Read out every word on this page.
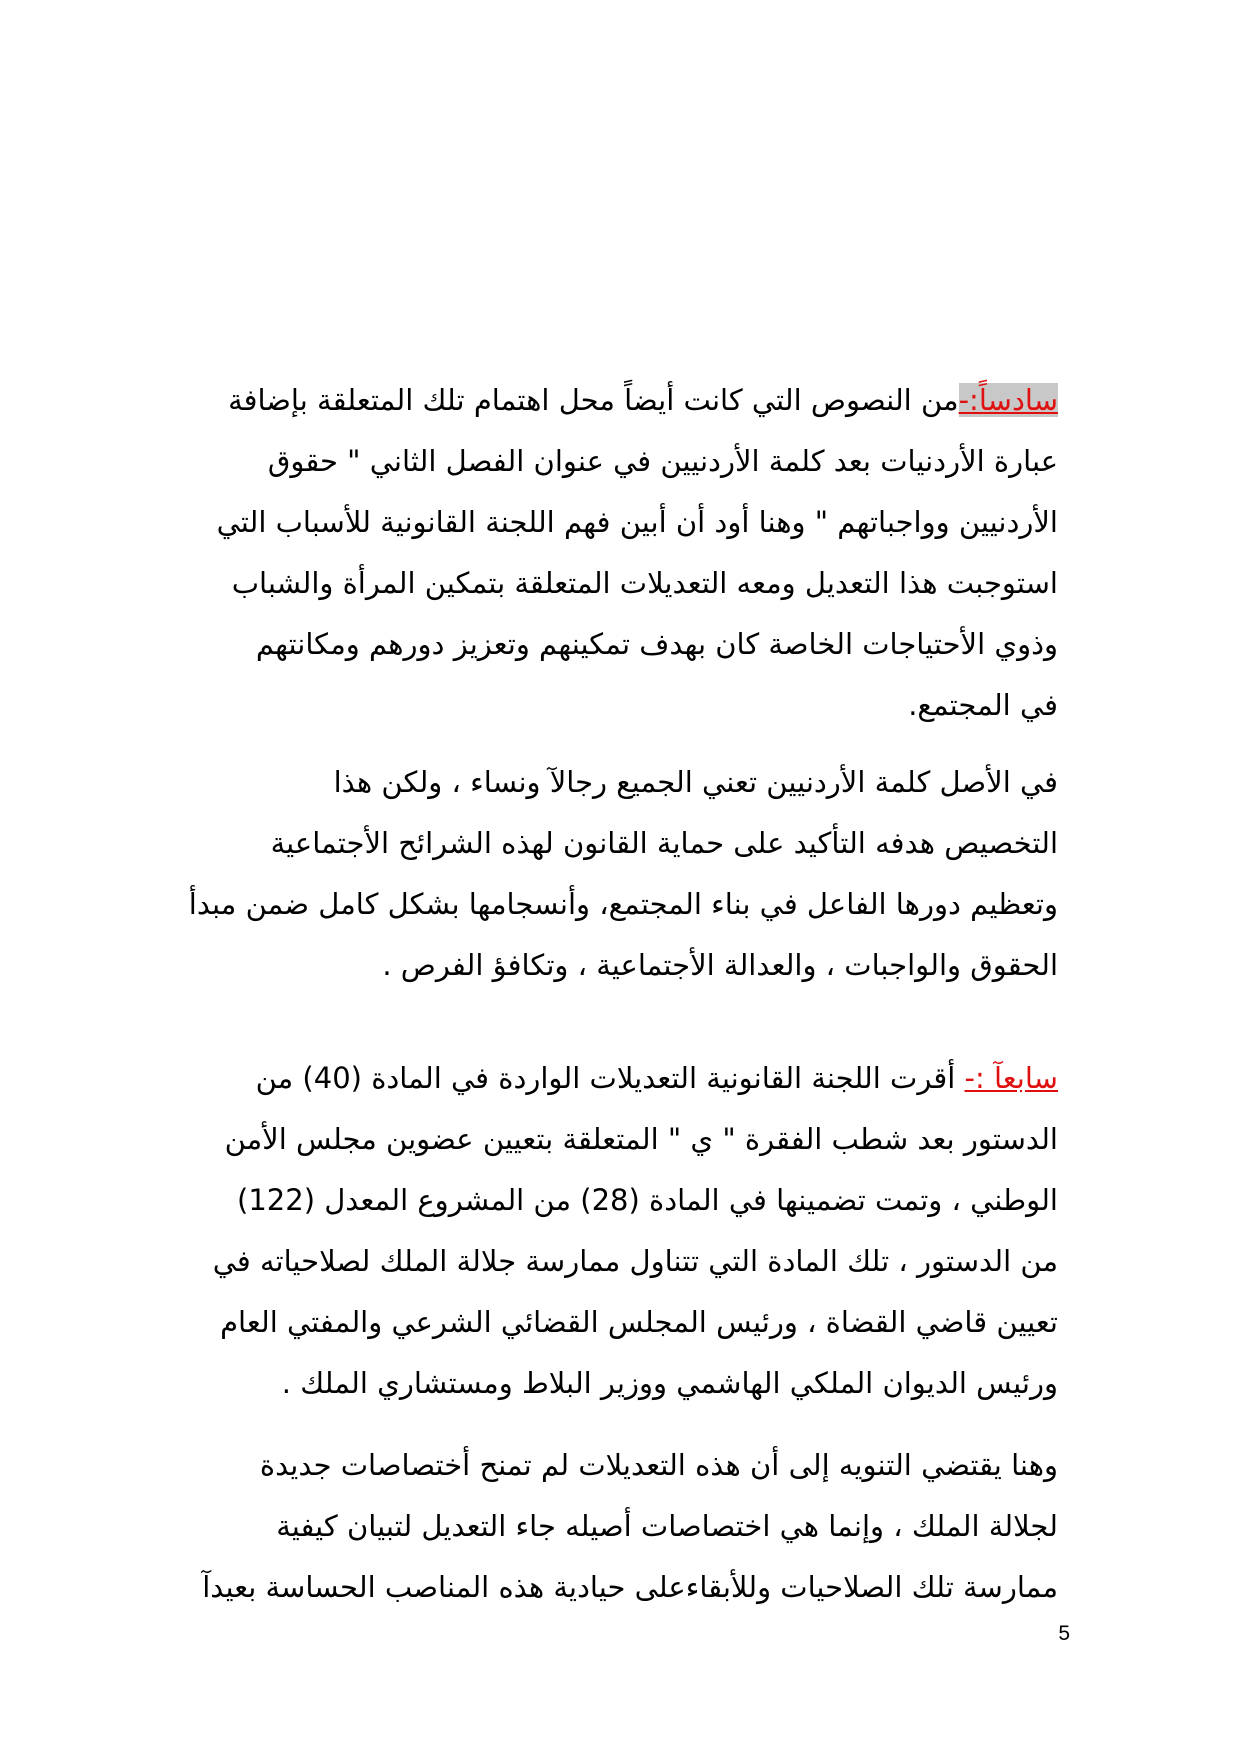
سادساً:-من النصوص التي كانت أيضاً محل اهتمام تلك المتعلقة بإضافة
عبارة الأردنيات بعد كلمة الأردنيين في عنوان الفصل الثاني " حقوق
الأردنيين وواجباتهم " وهنا أود أن أبين فهم اللجنة القانونية للأسباب التي
استوجبت هذا التعديل ومعه التعديلات المتعلقة بتمكين المرأة والشباب
وذوي الأحتياجات الخاصة كان بهدف تمكينهم وتعزيز دورهم ومكانتهم
في المجتمع.
في الأصل كلمة الأردنيين تعني الجميع رجالآ ونساء ، ولكن هذا
التخصيص هدفه التأكيد على حماية القانون لهذه الشرائح الأجتماعية
وتعظيم دورها الفاعل في بناء المجتمع، وأنسجامها بشكل كامل ضمن مبدأ
الحقوق والواجبات ، والعدالة الأجتماعية ، وتكافؤ الفرص .
سابعآ :- أقرت اللجنة القانونية التعديلات الواردة في المادة (40) من
الدستور بعد شطب الفقرة " ي " المتعلقة بتعيين عضوين مجلس الأمن
الوطني ، وتمت تضمينها في المادة (28) من المشروع المعدل (122)
من الدستور ، تلك المادة التي تتناول ممارسة جلالة الملك لصلاحياته في
تعيين قاضي القضاة ، ورئيس المجلس القضائي الشرعي والمفتي العام
ورئيس الديوان الملكي الهاشمي ووزير البلاط ومستشاري الملك .
وهنا يقتضي التنويه إلى أن هذه التعديلات لم تمنح أختصاصات جديدة
لجلالة الملك ، وإنما هي اختصاصات أصيله جاء التعديل لتبيان كيفية
ممارسة تلك الصلاحيات وللأبقاءعلى حيادية هذه المناصب الحساسة بعيدآ
5
